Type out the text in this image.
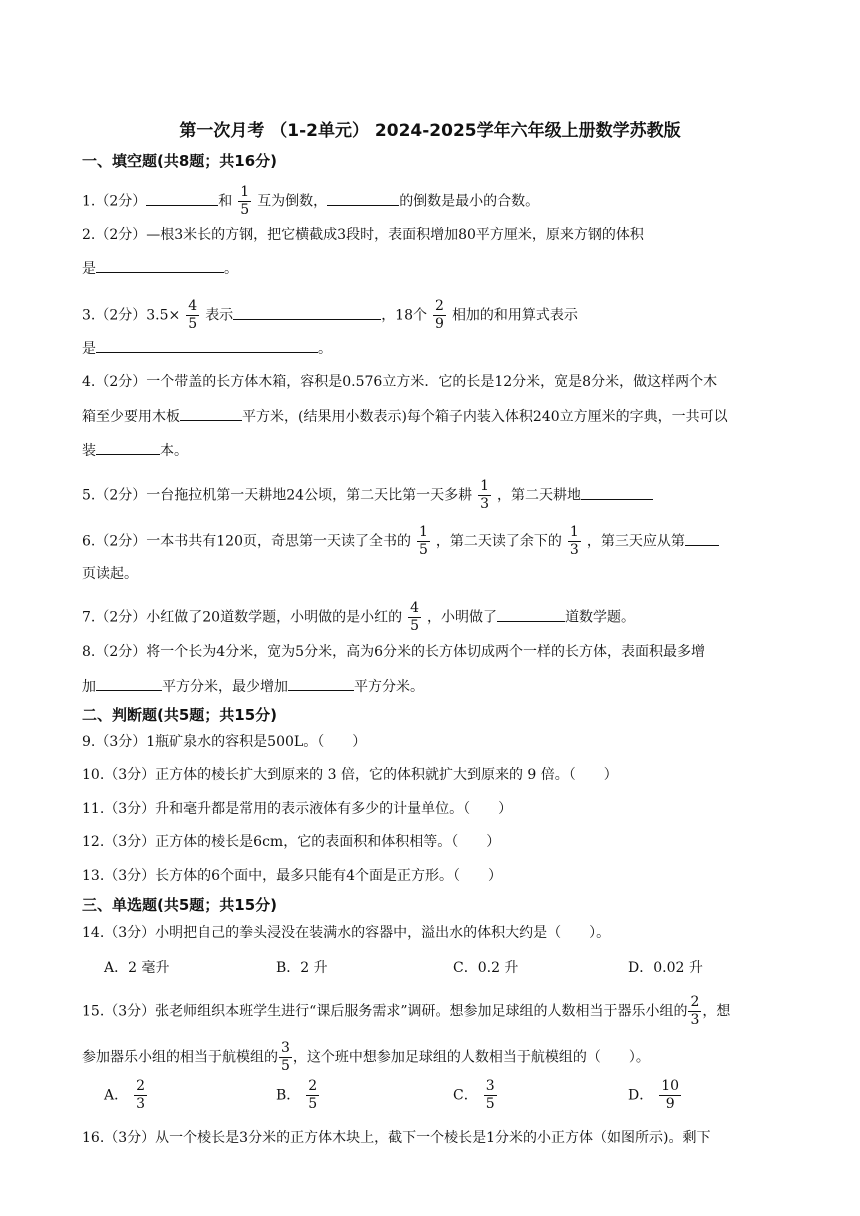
第一次月考 （1-2单元） 2024-2025学年六年级上册数学苏教版
一、填空题(共8题；共16分)
1.（2分）	和 $\frac{1}{5}$ 互为倒数，	的倒数是最小的合数。
2.（2分）—根3米长的方钢，把它横截成3段时，表面积增加80平方厘米，原来方钢的体积
是	。
3.（2分）$3.5\times \frac{4}{5}$ 表示	，18个 $\frac{2}{9}$ 相加的和用算式表示
是	。
4.（2分）一个带盖的长方体木箱，容积是0.576立方米．它的长是12分米，宽是8分米，做这样两个木
箱至少要用木板	平方米，(结果用小数表示)每个箱子内装入体积240立方厘米的字典，一共可以
装	本。
5.（2分）一台拖拉机第一天耕地24公顷，第二天比第一天多耕 $\frac{1}{3}$ ，第二天耕地
6.（2分）一本书共有120页，奇思第一天读了全书的 $\frac{1}{5}$ ，第二天读了余下的 $\frac{1}{3}$ ，第三天应从第
页读起。
7.（2分）小红做了20道数学题，小明做的是小红的 $\frac{4}{5}$ ，小明做了	道数学题。
8.（2分）将一个长为4分米，宽为5分米，高为6分米的长方体切成两个一样的长方体，表面积最多增
加	平方分米，最少增加	平方分米。
二、判断题(共5题；共15分)
9.（3分）1瓶矿泉水的容积是500L。（　　）
10.（3分）正方体的棱长扩大到原来的 3 倍，它的体积就扩大到原来的 9 倍。（　　）
11.（3分）升和毫升都是常用的表示液体有多少的计量单位。（　　）
12.（3分）正方体的棱长是6cm，它的表面积和体积相等。（　　）
13.（3分）长方体的6个面中，最多只能有4个面是正方形。（　　）
三、单选题(共5题；共15分)
14.（3分）小明把自己的拳头浸没在装满水的容器中，溢出水的体积大约是（　　）。
A．2 毫升	B．2 升	C．0.2 升	D．0.02 升
15.（3分）张老师组织本班学生进行“课后服务需求”调研。想参加足球组的人数相当于器乐小组的 $\frac{2}{3}$ ，想
参加器乐小组的相当于航模组的 $\frac{3}{5}$ ，这个班中想参加足球组的人数相当于航模组的（　　）。
A． $\frac{2}{3}$	B． $\frac{2}{5}$	C． $\frac{3}{5}$	D． $\frac{10}{9}$
16.（3分）从一个棱长是3分米的正方体木块上，截下一个棱长是1分米的小正方体（如图所示)。剩下
